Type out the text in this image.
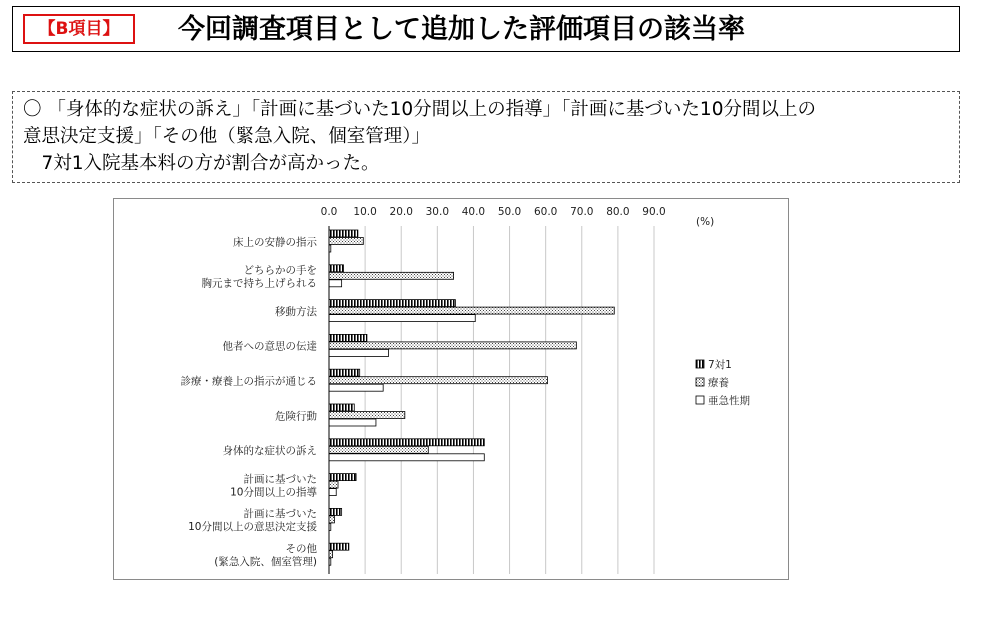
【B項目】	今回調査項目として追加した評価項目の該当率
〇 「身体的な症状の訴え」「計画に基づいた10分間以上の指導」「計画に基づいた10分間以上の
意思決定支援」「その他（緊急入院、個室管理）」
　7対1入院基本料の方が割合が高かった。
0.0 10.0 20.0 30.0 40.0 50.0 60.0 70.0 80.0 90.0
(%)
床上の安静の指示
どちらかの手を胸元まで持ち上げられる
移動方法
他者への意思の伝達
診療・療養上の指示が通じる
危険行動
身体的な症状の訴え
計画に基づいた 10分間以上の指導
計画に基づいた 10分間以上の意思決定支援
その他(緊急入院、個室管理)
7対1
療養
亜急性期
